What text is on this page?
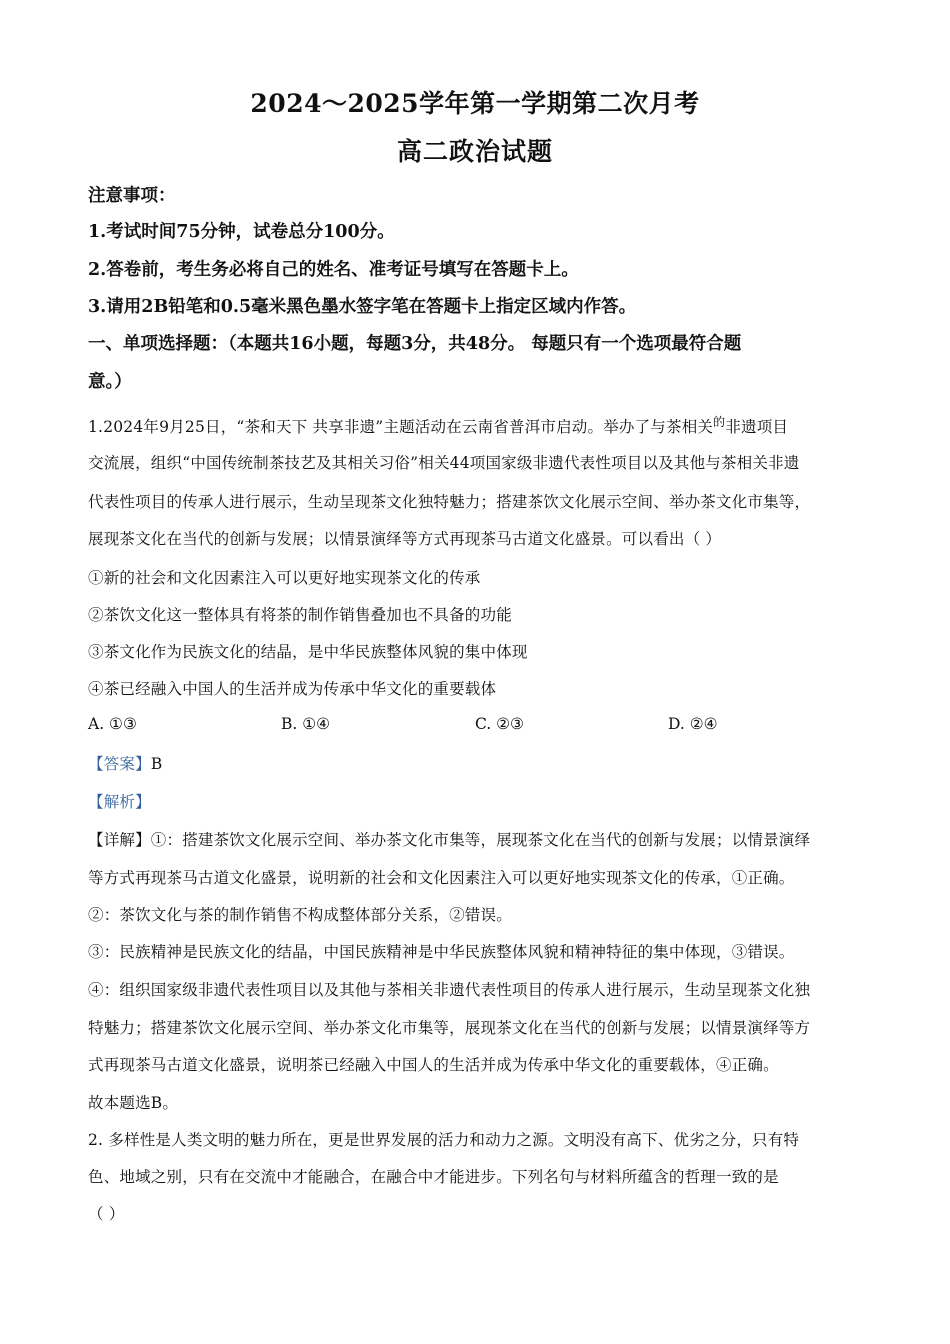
2024～2025学年第一学期第二次月考
高二政治试题
注意事项：
1.考试时间75分钟，试卷总分100分。
2.答卷前，考生务必将自己的姓名、准考证号填写在答题卡上。
3.请用2B铅笔和0.5毫米黑色墨水签字笔在答题卡上指定区域内作答。
一、单项选择题：（本题共16小题，每题3分，共48分。 每题只有一个选项最符合题
意。）
1.2024年9月25日，“茶和天下 共享非遗”主题活动在云南省普洱市启动。举办了与茶相关$^的$非遗项目
交流展，组织“中国传统制茶技艺及其相关习俗”相关44项国家级非遗代表性项目以及其他与茶相关非遗
代表性项目的传承人进行展示，生动呈现茶文化独特魅力；搭建茶饮文化展示空间、举办茶文化市集等，
展现茶文化在当代的创新与发展；以情景演绎等方式再现茶马古道文化盛景。可以看出（ ）
①新的社会和文化因素注入可以更好地实现茶文化的传承
②茶饮文化这一整体具有将茶的制作销售叠加也不具备的功能
③茶文化作为民族文化的结晶，是中华民族整体风貌的集中体现
④茶已经融入中国人的生活并成为传承中华文化的重要载体
A. ①③	B. ①④	C. ②③	D. ②④
【答案】B
【解析】
【详解】①：搭建茶饮文化展示空间、举办茶文化市集等，展现茶文化在当代的创新与发展；以情景演绎
等方式再现茶马古道文化盛景，说明新的社会和文化因素注入可以更好地实现茶文化的传承，①正确。
②：茶饮文化与茶的制作销售不构成整体部分关系，②错误。
③：民族精神是民族文化的结晶，中国民族精神是中华民族整体风貌和精神特征的集中体现，③错误。
④：组织国家级非遗代表性项目以及其他与茶相关非遗代表性项目的传承人进行展示，生动呈现茶文化独
特魅力；搭建茶饮文化展示空间、举办茶文化市集等，展现茶文化在当代的创新与发展；以情景演绎等方
式再现茶马古道文化盛景，说明茶已经融入中国人的生活并成为传承中华文化的重要载体，④正确。
故本题选B。
2. 多样性是人类文明的魅力所在，更是世界发展的活力和动力之源。文明没有高下、优劣之分，只有特
色、地域之别，只有在交流中才能融合，在融合中才能进步。下列名句与材料所蕴含的哲理一致的是
（ ）
